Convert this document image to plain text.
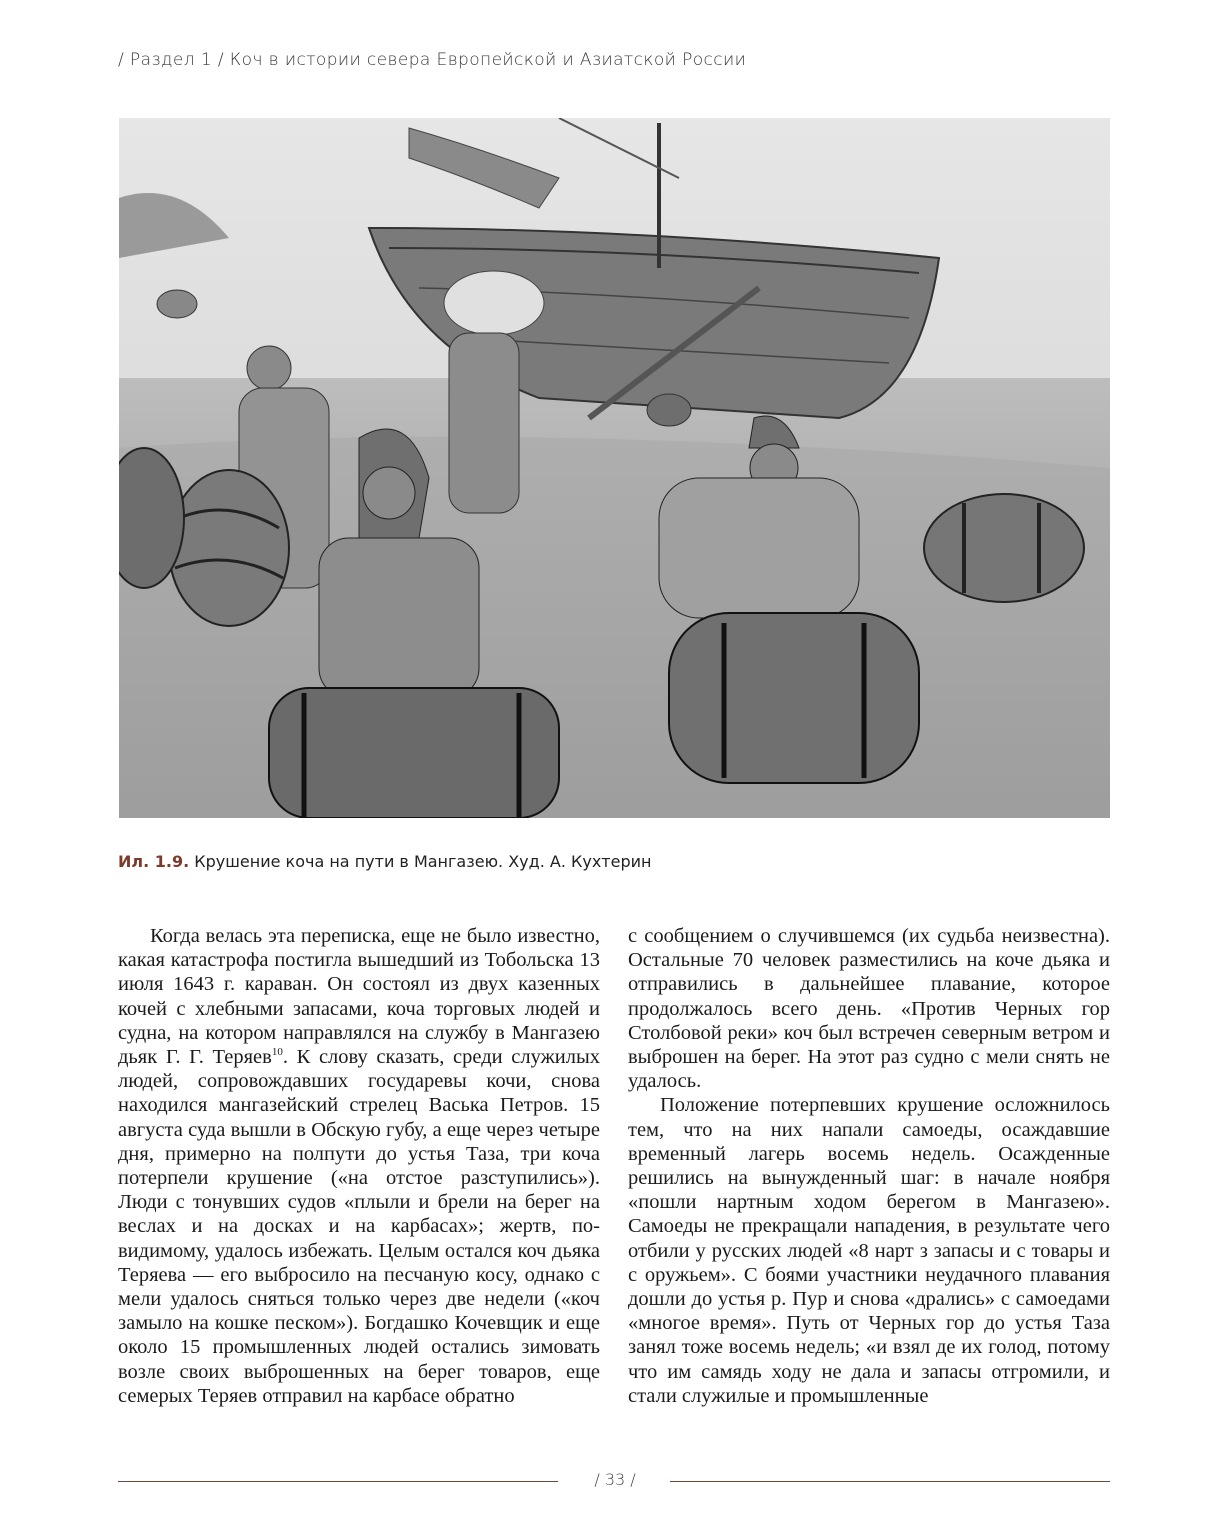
/ Раздел 1 / Коч в истории севера Европейской и Азиатской России
Ил. 1.9. Крушение коча на пути в Мангазею. Худ. А. Кухтерин

Когда велась эта переписка, еще не было известно, какая катастрофа постигла вышедший из Тобольска 13 июля 1643 г. караван. Он состоял из двух казенных кочей с хлебными запасами, коча торговых людей и судна, на котором направлялся на службу в Мангазею дьяк Г. Г. Теряев$^{10}$. К слову сказать, среди служилых людей, сопровождавших государевы кочи, снова находился мангазейский стрелец Васька Петров. 15 августа суда вышли в Обскую губу, а еще через четыре дня, примерно на полпути до устья Таза, три коча потерпели крушение («на отстое разступились»). Люди с тонувших судов «плыли и брели на берег на веслах и на досках и на карбасах»; жертв, по-видимому, удалось избежать. Целым остался коч дьяка Теряева — его выбросило на песчаную косу, однако с мели удалось сняться только через две недели («коч замыло на кошке песком»). Богдашко Кочевщик и еще около 15 промышленных людей остались зимовать возле своих выброшенных на берег товаров, еще семерых Теряев отправил на карбасе обратно

с сообщением о случившемся (их судьба неизвестна). Остальные 70 человек разместились на коче дьяка и отправились в дальнейшее плавание, которое продолжалось всего день. «Против Черных гор Столбовой реки» коч был встречен северным ветром и выброшен на берег. На этот раз судно с мели снять не удалось.

Положение потерпевших крушение осложнилось тем, что на них напали самоеды, осаждавшие временный лагерь восемь недель. Осажденные решились на вынужденный шаг: в начале ноября «пошли нартным ходом берегом в Мангазею». Самоеды не прекращали нападения, в результате чего отбили у русских людей «8 нарт з запасы и с товары и с оружьем». С боями участники неудачного плавания дошли до устья р. Пур и снова «дрались» с самоедами «многое время». Путь от Черных гор до устья Таза занял тоже восемь недель; «и взял де их голод, потому что им самядь ходу не дала и запасы отгромили, и стали служилые и промышленные

/ 33 /
